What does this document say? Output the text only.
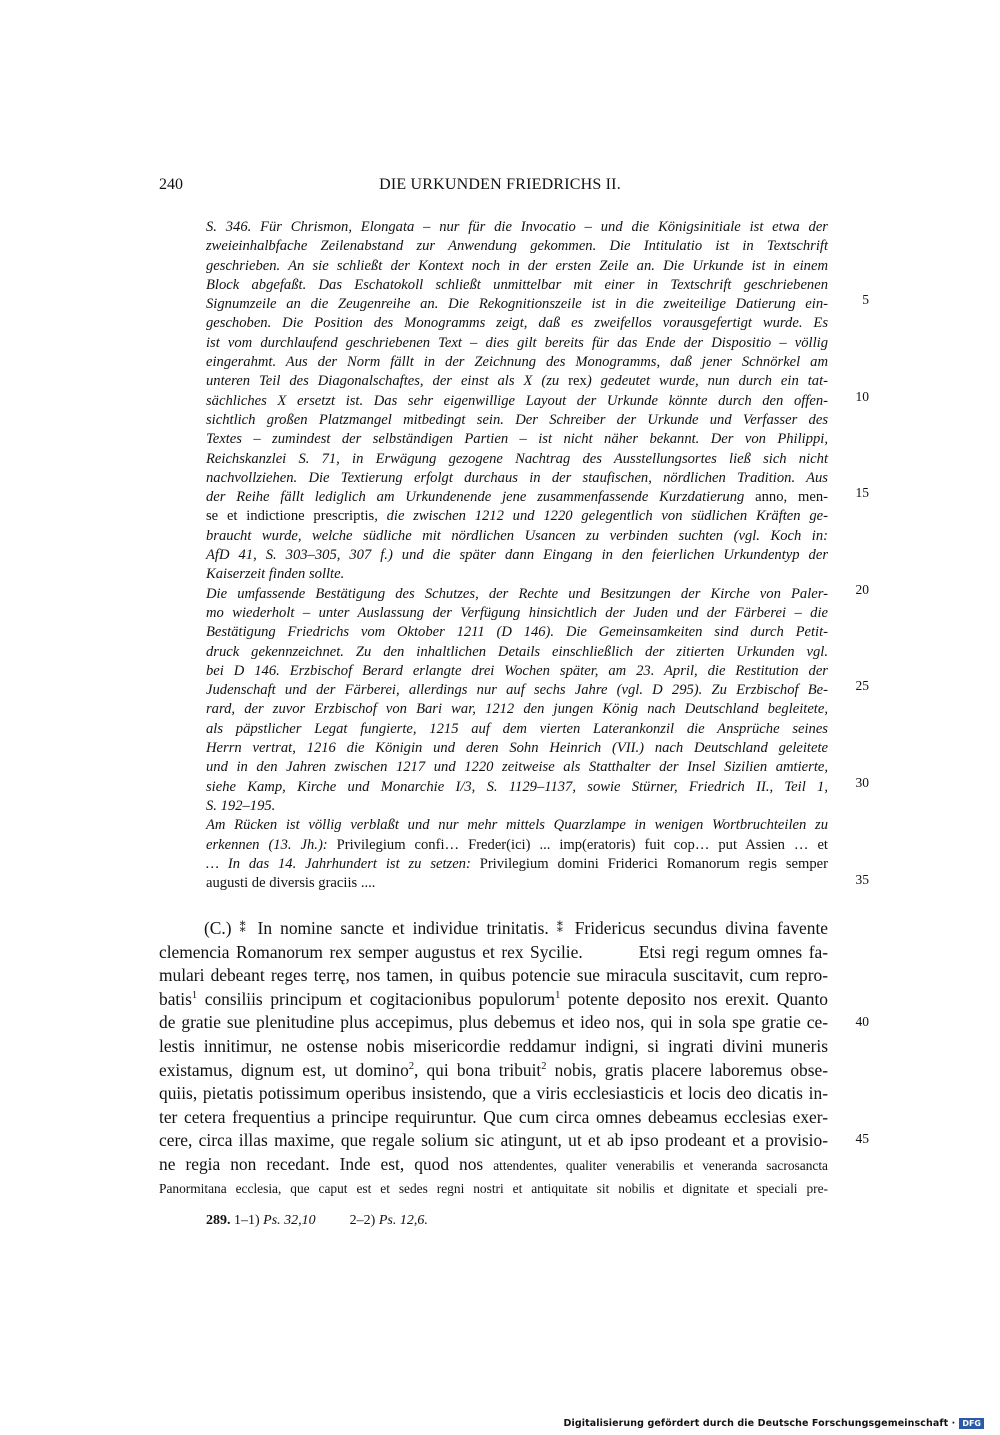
240	DIE URKUNDEN FRIEDRICHS II.
S. 346. Für Chrismon, Elongata – nur für die Invocatio – und die Königsinitiale ist etwa der
zweieinhalbfache Zeilenabstand zur Anwendung gekommen. Die Intitulatio ist in Textschrift
geschrieben. An sie schließt der Kontext noch in der ersten Zeile an. Die Urkunde ist in einem
Block abgefaßt. Das Eschatokoll schließt unmittelbar mit einer in Textschrift geschriebenen
Signumzeile an die Zeugenreihe an. Die Rekognitionszeile ist in die zweiteilige Datierung ein-
geschoben. Die Position des Monogramms zeigt, daß es zweifellos vorausgefertigt wurde. Es
ist vom durchlaufend geschriebenen Text – dies gilt bereits für das Ende der Dispositio – völlig
eingerahmt. Aus der Norm fällt in der Zeichnung des Monogramms, daß jener Schnörkel am
unteren Teil des Diagonalschaftes, der einst als X (zu rex) gedeutet wurde, nun durch ein tat-
sächliches X ersetzt ist. Das sehr eigenwillige Layout der Urkunde könnte durch den offen-
sichtlich großen Platzmangel mitbedingt sein. Der Schreiber der Urkunde und Verfasser des
Textes – zumindest der selbständigen Partien – ist nicht näher bekannt. Der von Philippi,
Reichskanzlei S. 71, in Erwägung gezogene Nachtrag des Ausstellungsortes ließ sich nicht
nachvollziehen. Die Textierung erfolgt durchaus in der staufischen, nördlichen Tradition. Aus
der Reihe fällt lediglich am Urkundenende jene zusammenfassende Kurzdatierung anno, men-
se et indictione prescriptis, die zwischen 1212 und 1220 gelegentlich von südlichen Kräften ge-
braucht wurde, welche südliche mit nördlichen Usancen zu verbinden suchten (vgl. Koch in:
AfD 41, S. 303–305, 307 f.) und die später dann Eingang in den feierlichen Urkundentyp der
Kaiserzeit finden sollte.
Die umfassende Bestätigung des Schutzes, der Rechte und Besitzungen der Kirche von Paler-
mo wiederholt – unter Auslassung der Verfügung hinsichtlich der Juden und der Färberei – die
Bestätigung Friedrichs vom Oktober 1211 (D 146). Die Gemeinsamkeiten sind durch Petit-
druck gekennzeichnet. Zu den inhaltlichen Details einschließlich der zitierten Urkunden vgl.
bei D 146. Erzbischof Berard erlangte drei Wochen später, am 23. April, die Restitution der
Judenschaft und der Färberei, allerdings nur auf sechs Jahre (vgl. D 295). Zu Erzbischof Be-
rard, der zuvor Erzbischof von Bari war, 1212 den jungen König nach Deutschland begleitete,
als päpstlicher Legat fungierte, 1215 auf dem vierten Laterankonzil die Ansprüche seines
Herrn vertrat, 1216 die Königin und deren Sohn Heinrich (VII.) nach Deutschland geleitete
und in den Jahren zwischen 1217 und 1220 zeitweise als Statthalter der Insel Sizilien amtierte,
siehe Kamp, Kirche und Monarchie I/3, S. 1129–1137, sowie Stürner, Friedrich II., Teil 1,
S. 192–195.
Am Rücken ist völlig verblaßt und nur mehr mittels Quarzlampe in wenigen Wortbruchteilen zu
erkennen (13. Jh.): Privilegium confi… Freder(ici) ... imp(eratoris) fuit cop… put Assien … et
… In das 14. Jahrhundert ist zu setzen: Privilegium domini Friderici Romanorum regis semper
augusti de diversis graciis ....
(C.) ⁑ In nomine sancte et individue trinitatis. ⁑ Fridericus secundus divina favente
clemencia Romanorum rex semper augustus et rex Sycilie.	Etsi regi regum omnes fa-
mulari debeant reges terrę, nos tamen, in quibus potencie sue miracula suscitavit, cum repro-
batis$^1$ consiliis principum et cogitacionibus populorum$^1$ potente deposito nos erexit. Quanto
de gratie sue plenitudine plus accepimus, plus debemus et ideo nos, qui in sola spe gratie ce-
lestis innitimur, ne ostense nobis misericordie reddamur indigni, si ingrati divini muneris
existamus, dignum est, ut domino$^2$, qui bona tribuit$^2$ nobis, gratis placere laboremus obse-
quiis, pietatis potissimum operibus insistendo, que a viris ecclesiasticis et locis deo dicatis in-
ter cetera frequentius a principe requiruntur. Que cum circa omnes debeamus ecclesias exer-
cere, circa illas maxime, que regale solium sic atingunt, ut et ab ipso prodeant et a provisio-
ne regia non recedant. Inde est, quod nos attendentes, qualiter venerabilis et veneranda sacrosancta
Panormitana ecclesia, que caput est et sedes regni nostri et antiquitate sit nobilis et dignitate et speciali pre-
5
10
15
20
25
30
35
40
45
289. 1–1) Ps. 32,10 2–2) Ps. 12,6.
Digitalisierung gefördert durch die Deutsche Forschungsgemeinschaft · DFG
